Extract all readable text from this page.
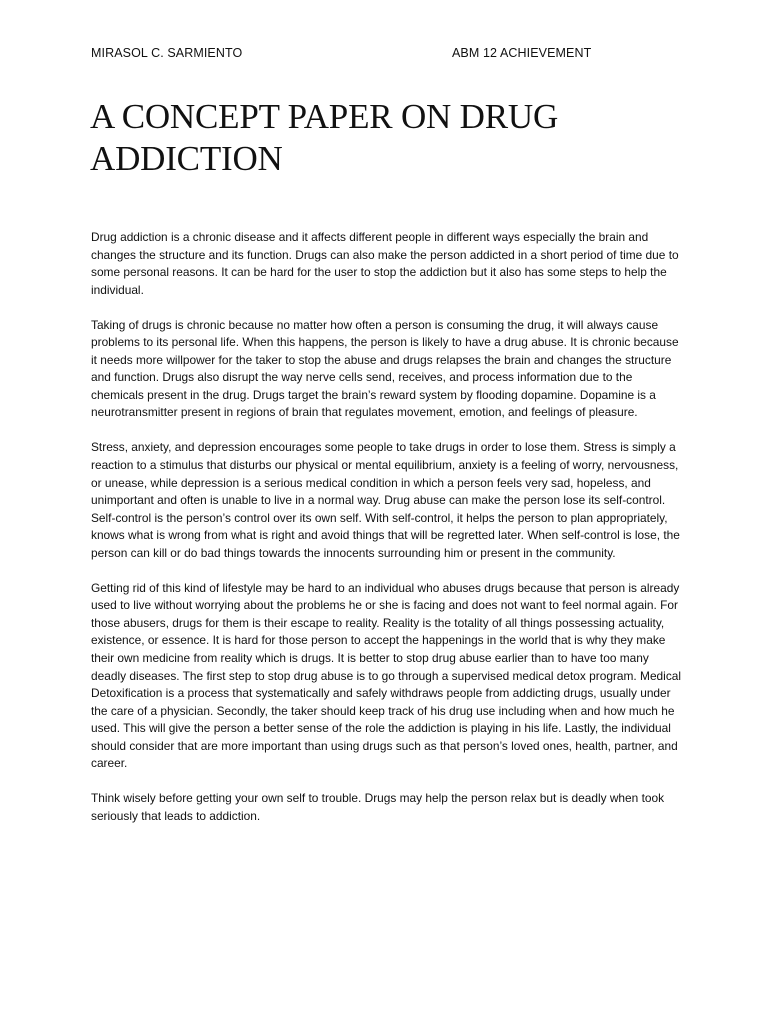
MIRASOL C. SARMIENTO	ABM 12 ACHIEVEMENT
A CONCEPT PAPER ON DRUG ADDICTION

Drug addiction is a chronic disease and it affects different people in different ways especially the brain and changes the structure and its function. Drugs can also make the person addicted in a short period of time due to some personal reasons. It can be hard for the user to stop the addiction but it also has some steps to help the individual.

Taking of drugs is chronic because no matter how often a person is consuming the drug, it will always cause problems to its personal life. When this happens, the person is likely to have a drug abuse. It is chronic because it needs more willpower for the taker to stop the abuse and drugs relapses the brain and changes the structure and function. Drugs also disrupt the way nerve cells send, receives, and process information due to the chemicals present in the drug. Drugs target the brain’s reward system by flooding dopamine. Dopamine is a neurotransmitter present in regions of brain that regulates movement, emotion, and feelings of pleasure.

Stress, anxiety, and depression encourages some people to take drugs in order to lose them. Stress is simply a reaction to a stimulus that disturbs our physical or mental equilibrium, anxiety is a feeling of worry, nervousness, or unease, while depression is a serious medical condition in which a person feels very sad, hopeless, and unimportant and often is unable to live in a normal way. Drug abuse can make the person lose its self-control. Self-control is the person’s control over its own self. With self-control, it helps the person to plan appropriately, knows what is wrong from what is right and avoid things that will be regretted later. When self-control is lose, the person can kill or do bad things towards the innocents surrounding him or present in the community.

Getting rid of this kind of lifestyle may be hard to an individual who abuses drugs because that person is already used to live without worrying about the problems he or she is facing and does not want to feel normal again. For those abusers, drugs for them is their escape to reality. Reality is the totality of all things possessing actuality, existence, or essence. It is hard for those person to accept the happenings in the world that is why they make their own medicine from reality which is drugs. It is better to stop drug abuse earlier than to have too many deadly diseases. The first step to stop drug abuse is to go through a supervised medical detox program. Medical Detoxification is a process that systematically and safely withdraws people from addicting drugs, usually under the care of a physician. Secondly, the taker should keep track of his drug use including when and how much he used. This will give the person a better sense of the role the addiction is playing in his life. Lastly, the individual should consider that are more important than using drugs such as that person’s loved ones, health, partner, and career.

Think wisely before getting your own self to trouble. Drugs may help the person relax but is deadly when took seriously that leads to addiction.
